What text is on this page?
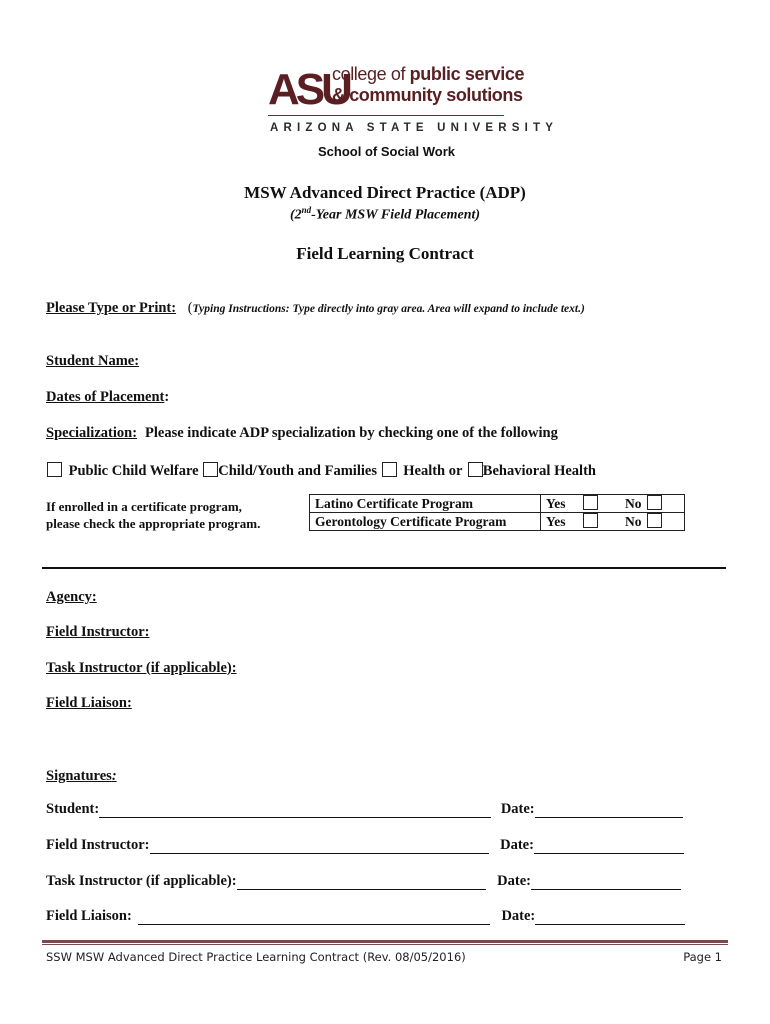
ASU
college of public service
& community solutions
ARIZONA STATE UNIVERSITY
School of Social Work
MSW Advanced Direct Practice (ADP)
(2nd-Year MSW Field Placement)
Field Learning Contract
Please Type or Print: (Typing Instructions: Type directly into gray area. Area will expand to include text.)
Student Name:
Dates of Placement:
Specialization: Please indicate ADP specialization by checking one of the following
Public Child Welfare Child/Youth and Families Health or Behavioral Health
If enrolled in a certificate program,
please check the appropriate program.
Latino Certificate Program	Yes	No
Gerontology Certificate Program	Yes	No
Agency:
Field Instructor:
Task Instructor (if applicable):
Field Liaison:
Signatures:
Student:	Date:
Field Instructor:	Date:
Task Instructor (if applicable):	Date:
Field Liaison:	Date:
SSW MSW Advanced Direct Practice Learning Contract (Rev. 08/05/2016)	Page 1
